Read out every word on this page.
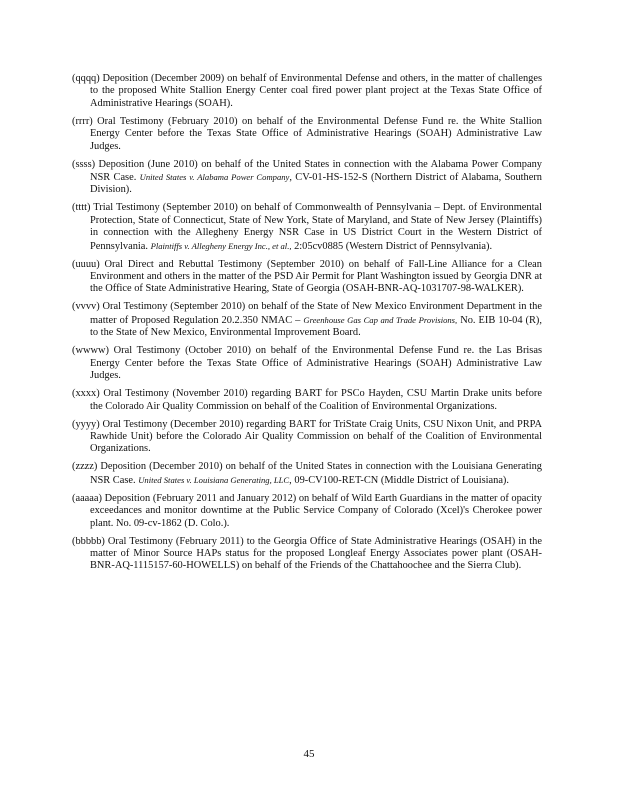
(qqqq) Deposition (December 2009) on behalf of Environmental Defense and others, in the matter of challenges to the proposed White Stallion Energy Center coal fired power plant project at the Texas State Office of Administrative Hearings (SOAH).

(rrrr) Oral Testimony (February 2010) on behalf of the Environmental Defense Fund re. the White Stallion Energy Center before the Texas State Office of Administrative Hearings (SOAH) Administrative Law Judges.

(ssss) Deposition (June 2010) on behalf of the United States in connection with the Alabama Power Company NSR Case. United States v. Alabama Power Company, CV-01-HS-152-S (Northern District of Alabama, Southern Division).

(tttt) Trial Testimony (September 2010) on behalf of Commonwealth of Pennsylvania – Dept. of Environmental Protection, State of Connecticut, State of New York, State of Maryland, and State of New Jersey (Plaintiffs) in connection with the Allegheny Energy NSR Case in US District Court in the Western District of Pennsylvania. Plaintiffs v. Allegheny Energy Inc., et al., 2:05cv0885 (Western District of Pennsylvania).

(uuuu) Oral Direct and Rebuttal Testimony (September 2010) on behalf of Fall-Line Alliance for a Clean Environment and others in the matter of the PSD Air Permit for Plant Washington issued by Georgia DNR at the Office of State Administrative Hearing, State of Georgia (OSAH-BNR-AQ-1031707-98-WALKER).

(vvvv) Oral Testimony (September 2010) on behalf of the State of New Mexico Environment Department in the matter of Proposed Regulation 20.2.350 NMAC – Greenhouse Gas Cap and Trade Provisions, No. EIB 10-04 (R), to the State of New Mexico, Environmental Improvement Board.

(wwww) Oral Testimony (October 2010) on behalf of the Environmental Defense Fund re. the Las Brisas Energy Center before the Texas State Office of Administrative Hearings (SOAH) Administrative Law Judges.

(xxxx) Oral Testimony (November 2010) regarding BART for PSCo Hayden, CSU Martin Drake units before the Colorado Air Quality Commission on behalf of the Coalition of Environmental Organizations.

(yyyy) Oral Testimony (December 2010) regarding BART for TriState Craig Units, CSU Nixon Unit, and PRPA Rawhide Unit) before the Colorado Air Quality Commission on behalf of the Coalition of Environmental Organizations.

(zzzz) Deposition (December 2010) on behalf of the United States in connection with the Louisiana Generating NSR Case. United States v. Louisiana Generating, LLC, 09-CV100-RET-CN (Middle District of Louisiana).

(aaaaa) Deposition (February 2011 and January 2012) on behalf of Wild Earth Guardians in the matter of opacity exceedances and monitor downtime at the Public Service Company of Colorado (Xcel)'s Cherokee power plant. No. 09-cv-1862 (D. Colo.).

(bbbbb) Oral Testimony (February 2011) to the Georgia Office of State Administrative Hearings (OSAH) in the matter of Minor Source HAPs status for the proposed Longleaf Energy Associates power plant (OSAH-BNR-AQ-1115157-60-HOWELLS) on behalf of the Friends of the Chattahoochee and the Sierra Club).

45
